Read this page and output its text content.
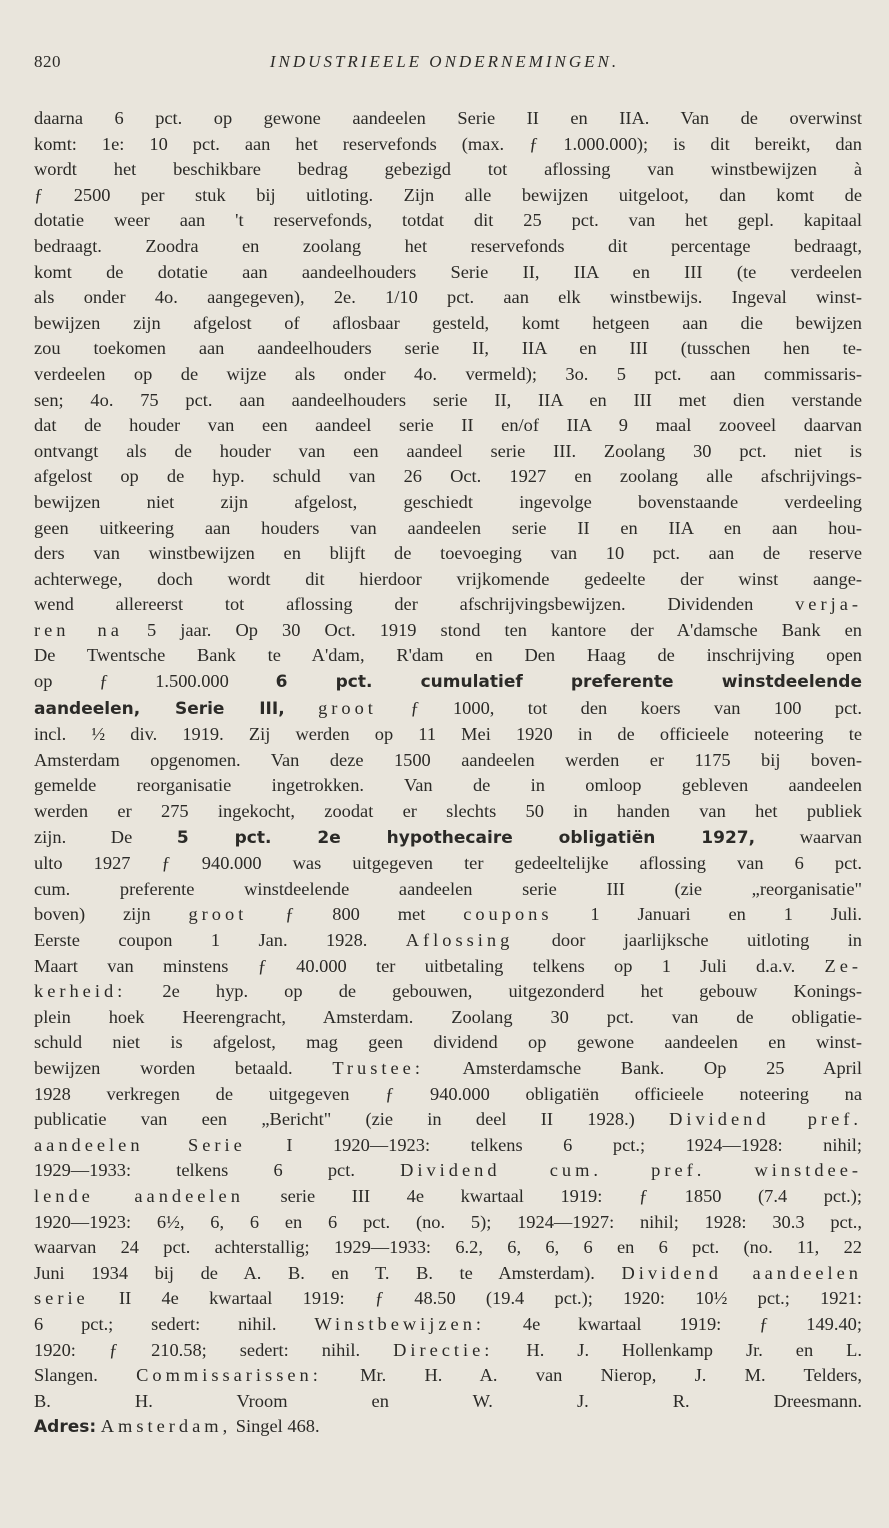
820	INDUSTRIEELE ONDERNEMINGEN.
daarna 6 pct. op gewone aandeelen Serie II en IIA. Van de overwinst
komt: 1e: 10 pct. aan het reservefonds (max. ƒ 1.000.000); is dit bereikt, dan
wordt het beschikbare bedrag gebezigd tot aflossing van winstbewijzen à
ƒ 2500 per stuk bij uitloting. Zijn alle bewijzen uitgeloot, dan komt de
dotatie weer aan 't reservefonds, totdat dit 25 pct. van het gepl. kapitaal
bedraagt. Zoodra en zoolang het reservefonds dit percentage bedraagt,
komt de dotatie aan aandeelhouders Serie II, IIA en III (te verdeelen
als onder 4o. aangegeven), 2e. 1/10 pct. aan elk winstbewijs. Ingeval winst-
bewijzen zijn afgelost of aflosbaar gesteld, komt hetgeen aan die bewijzen
zou toekomen aan aandeelhouders serie II, IIA en III (tusschen hen te-
verdeelen op de wijze als onder 4o. vermeld); 3o. 5 pct. aan commissaris-
sen; 4o. 75 pct. aan aandeelhouders serie II, IIA en III met dien verstande
dat de houder van een aandeel serie II en/of IIA 9 maal zooveel daarvan
ontvangt als de houder van een aandeel serie III. Zoolang 30 pct. niet is
afgelost op de hyp. schuld van 26 Oct. 1927 en zoolang alle afschrijvings-
bewijzen niet zijn afgelost, geschiedt ingevolge bovenstaande verdeeling
geen uitkeering aan houders van aandeelen serie II en IIA en aan hou-
ders van winstbewijzen en blijft de toevoeging van 10 pct. aan de reserve
achterwege, doch wordt dit hierdoor vrijkomende gedeelte der winst aange-
wend allereerst tot aflossing der afschrijvingsbewijzen. Dividenden verja-
ren na 5 jaar. Op 30 Oct. 1919 stond ten kantore der A'damsche Bank en
De Twentsche Bank te A'dam, R'dam en Den Haag de inschrijving open
op ƒ 1.500.000 6 pct. cumulatief preferente winstdeelende
aandeelen, Serie III, groot ƒ 1000, tot den koers van 100 pct.
incl. ½ div. 1919. Zij werden op 11 Mei 1920 in de officieele noteering te
Amsterdam opgenomen. Van deze 1500 aandeelen werden er 1175 bij boven-
gemelde reorganisatie ingetrokken. Van de in omloop gebleven aandeelen
werden er 275 ingekocht, zoodat er slechts 50 in handen van het publiek
zijn. De 5 pct. 2e hypothecaire obligatiën 1927, waarvan
ulto 1927 ƒ 940.000 was uitgegeven ter gedeeltelijke aflossing van 6 pct.
cum. preferente winstdeelende aandeelen serie III (zie „reorganisatie"
boven) zijn groot ƒ 800 met coupons 1 Januari en 1 Juli.
Eerste coupon 1 Jan. 1928. Aflossing door jaarlijksche uitloting in
Maart van minstens ƒ 40.000 ter uitbetaling telkens op 1 Juli d.a.v. Ze-
kerheid: 2e hyp. op de gebouwen, uitgezonderd het gebouw Konings-
plein hoek Heerengracht, Amsterdam. Zoolang 30 pct. van de obligatie-
schuld niet is afgelost, mag geen dividend op gewone aandeelen en winst-
bewijzen worden betaald. Trustee: Amsterdamsche Bank. Op 25 April
1928 verkregen de uitgegeven ƒ 940.000 obligatiën officieele noteering na
publicatie van een „Bericht" (zie in deel II 1928.) Dividend pref.
aandeelen Serie I 1920—1923: telkens 6 pct.; 1924—1928: nihil;
1929—1933: telkens 6 pct. Dividend cum. pref. winstdee-
lende aandeelen serie III 4e kwartaal 1919: ƒ 1850 (7.4 pct.);
1920—1923: 6½, 6, 6 en 6 pct. (no. 5); 1924—1927: nihil; 1928: 30.3 pct.,
waarvan 24 pct. achterstallig; 1929—1933: 6.2, 6, 6, 6 en 6 pct. (no. 11, 22
Juni 1934 bij de A. B. en T. B. te Amsterdam). Dividend aandeelen
serie II 4e kwartaal 1919: ƒ 48.50 (19.4 pct.); 1920: 10½ pct.; 1921:
6 pct.; sedert: nihil. Winstbewijzen: 4e kwartaal 1919: ƒ 149.40;
1920: ƒ 210.58; sedert: nihil. Directie: H. J. Hollenkamp Jr. en L.
Slangen. Commissarissen: Mr. H. A. van Nierop, J. M. Telders,
B. H. Vroom en W. J. R. Dreesmann.
Adres: Amsterdam, Singel 468.
